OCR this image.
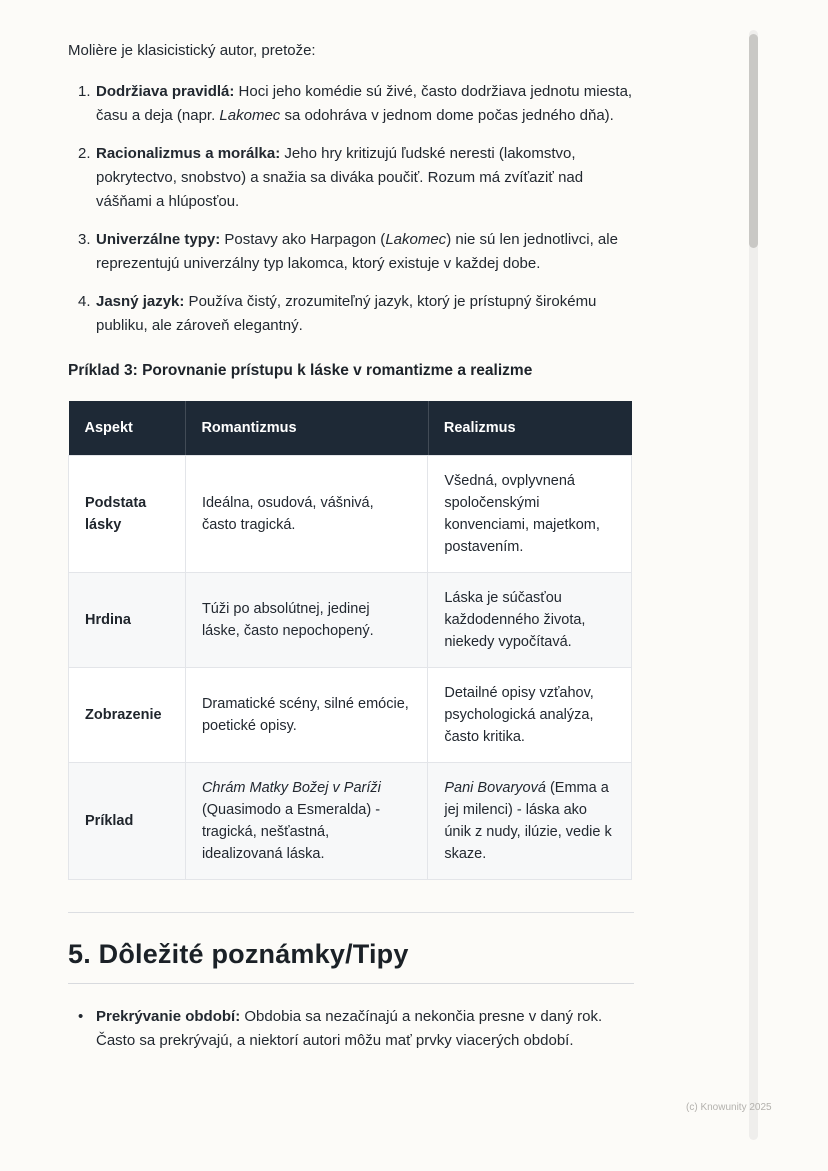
Molière je klasicistický autor, pretože:

1. Dodržiava pravidlá: Hoci jeho komédie sú živé, často dodržiava jednotu miesta, času a deja (napr. Lakomec sa odohráva v jednom dome počas jedného dňa).
2. Racionalizmus a morálka: Jeho hry kritizujú ľudské neresti (lakomstvo, pokrytectvo, snobstvo) a snažia sa diváka poučiť. Rozum má zvíťaziť nad vášňami a hlúposťou.
3. Univerzálne typy: Postavy ako Harpagon (Lakomec) nie sú len jednotlivci, ale reprezentujú univerzálny typ lakomca, ktorý existuje v každej dobe.
4. Jasný jazyk: Používa čistý, zrozumiteľný jazyk, ktorý je prístupný širokému publiku, ale zároveň elegantný.

Príklad 3: Porovnanie prístupu k láske v romantizme a realizme

Aspekt	Romantizmus	Realizmus
Podstata lásky	Ideálna, osudová, vášnivá, často tragická.	Všedná, ovplyvnená spoločenskými konvenciami, majetkom, postavením.
Hrdina	Túži po absolútnej, jedinej láske, často nepochopený.	Láska je súčasťou každodenného života, niekedy vypočítavá.
Zobrazenie	Dramatické scény, silné emócie, poetické opisy.	Detailné opisy vzťahov, psychologická analýza, často kritika.
Príklad	Chrám Matky Božej v Paríži (Quasimodo a Esmeralda) - tragická, nešťastná, idealizovaná láska.	Pani Bovaryová (Emma a jej milenci) - láska ako únik z nudy, ilúzie, vedie k skaze.
5. Dôležité poznámky/Tipy
• Prekrývanie období: Obdobia sa nezačínajú a nekončia presne v daný rok. Často sa prekrývajú, a niektorí autori môžu mať prvky viacerých období.
(c) Knowunity 2025
